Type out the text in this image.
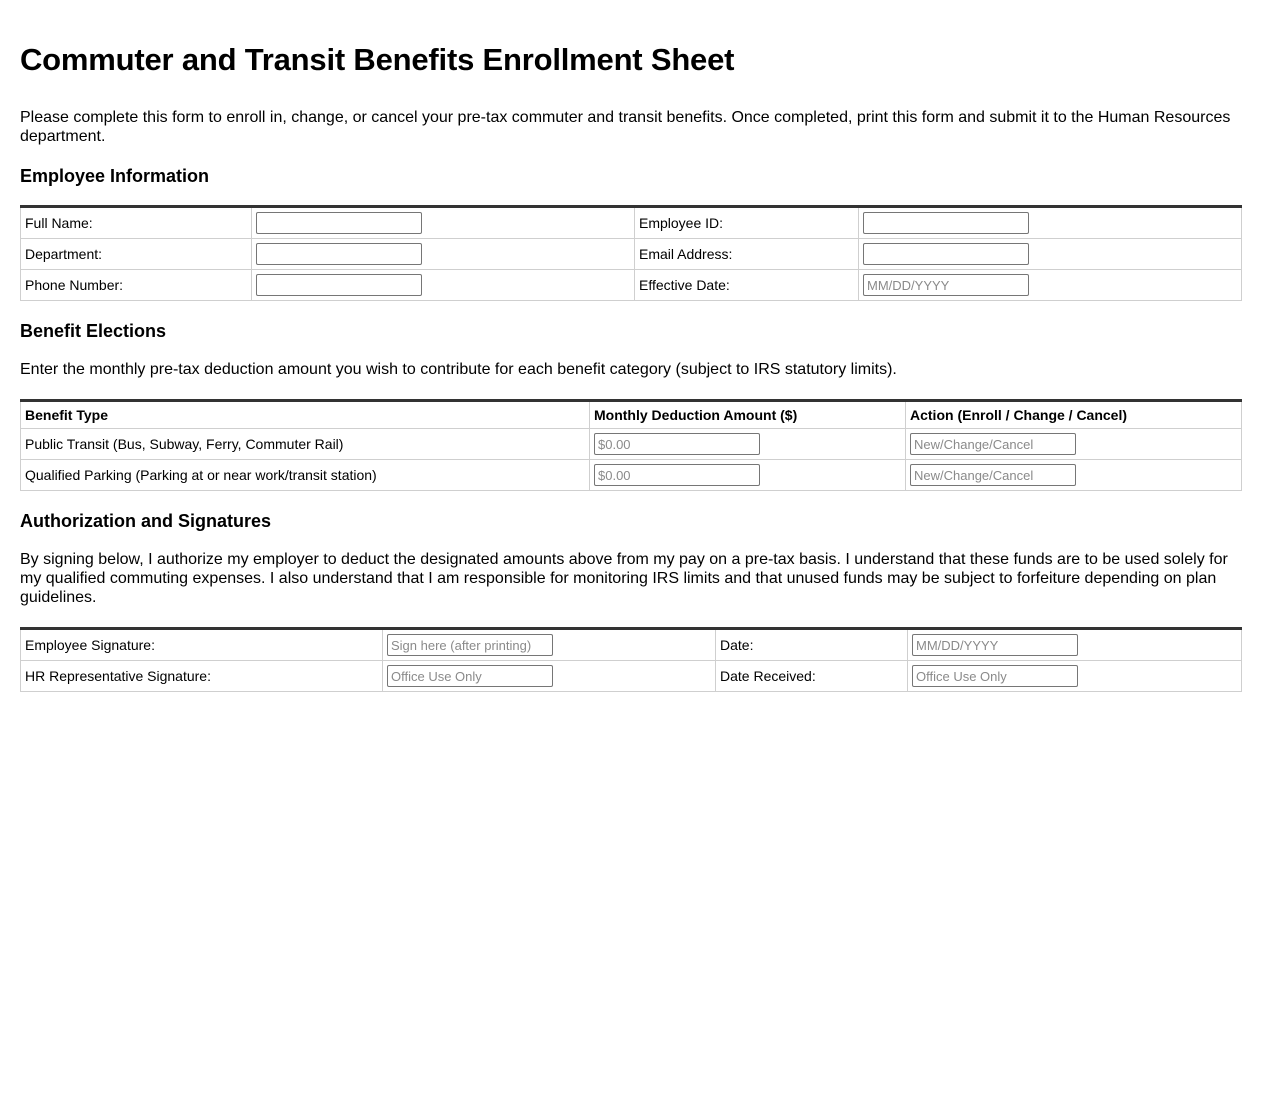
Commuter and Transit Benefits Enrollment Sheet

Please complete this form to enroll in, change, or cancel your pre-tax commuter and transit benefits. Once completed, print this form and submit it to the Human Resources department.

Employee Information
Full Name:		Employee ID:	
Department:		Email Address:	
Phone Number:		Effective Date:	MM/DD/YYYY
Benefit Elections

Enter the monthly pre-tax deduction amount you wish to contribute for each benefit category (subject to IRS statutory limits).

Benefit Type	Monthly Deduction Amount ($)	Action (Enroll / Change / Cancel)
Public Transit (Bus, Subway, Ferry, Commuter Rail)	$0.00	New/Change/Cancel
Qualified Parking (Parking at or near work/transit station)	$0.00	New/Change/Cancel
Authorization and Signatures

By signing below, I authorize my employer to deduct the designated amounts above from my pay on a pre-tax basis. I understand that these funds are to be used solely for my qualified commuting expenses. I also understand that I am responsible for monitoring IRS limits and that unused funds may be subject to forfeiture depending on plan guidelines.

Employee Signature:	Sign here (after printing)	Date:	MM/DD/YYYY
HR Representative Signature:	Office Use Only	Date Received:	Office Use Only
